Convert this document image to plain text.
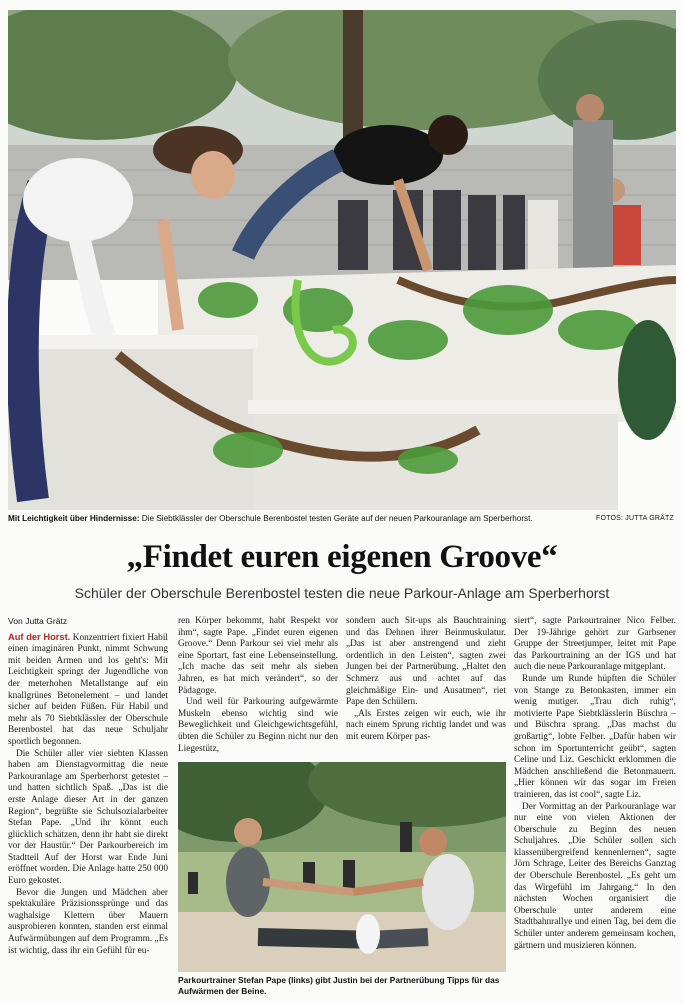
Mit Leichtigkeit über Hindernisse: Die Siebtklässler der Oberschule Berenbostel testen Geräte auf der neuen Parkouranlage am Sperberhorst.	FOTOS: JUTTA GRÄTZ
„Findet euren eigenen Groove“
Schüler der Oberschule Berenbostel testen die neue Parkour-Anlage am Sperberhorst

Von Jutta Grätz

Auf der Horst. Konzentriert fixiert Habil einen imaginären Punkt, nimmt Schwung mit beiden Armen und los geht's: Mit Leichtigkeit springt der Jugendliche von der meterhohen Metallstange auf ein knallgrünes Betonelement – und landet sicher auf beiden Füßen. Für Habil und mehr als 70 Siebtklässler der Oberschule Berenbostel hat das neue Schuljahr sportlich begonnen.

Die Schüler aller vier siebten Klassen haben am Dienstagvormittag die neue Parkouranlage am Sperberhorst getestet – und hatten sichtlich Spaß. „Das ist die erste Anlage dieser Art in der ganzen Region“, begrüßte sie Schulsozialarbeiter Stefan Pape. „Und ihr könnt euch glücklich schätzen, denn ihr habt sie direkt vor der Haustür.“ Der Parkourbereich im Stadtteil Auf der Horst war Ende Juni eröffnet worden. Die Anlage hatte 250 000 Euro gekostet.

Bevor die Jungen und Mädchen aber spektakuläre Präzisionssprünge und das waghalsige Klettern über Mauern ausprobieren konnten, standen erst einmal Aufwärmübungen auf dem Programm. „Es ist wichtig, dass ihr ein Gefühl für eu-

ren Körper bekommt, habt Respekt vor ihm“, sagte Pape. „Findet euren eigenen Groove.“ Denn Parkour sei viel mehr als eine Sportart, fast eine Lebenseinstellung. „Ich mache das seit mehr als sieben Jahren, es hat mich verändert“, so der Pädagoge.

Und weil für Parkouring aufgewärmte Muskeln ebenso wichtig sind wie Beweglichkeit und Gleichgewichtsgefühl, übten die Schüler zu Beginn nicht nur den Liegestütz,

sondern auch Sit-ups als Bauchtraining und das Dehnen ihrer Beinmuskulatur. „Das ist aber anstrengend und zieht ordentlich in den Leisten“, sagten zwei Jungen bei der Partnerübung. „Haltet den Schmerz aus und achtet auf das gleichmäßige Ein- und Ausatmen“, riet Pape den Schülern.

„Als Erstes zeigen wir euch, wie ihr nach einem Sprung richtig landet und was mit eurem Körper pas-

siert“, sagte Parkourtrainer Nico Felber. Der 19-Jährige gehört zur Garbsener Gruppe der Streetjumper, leitet mit Pape das Parkourtraining an der IGS und hat auch die neue Parkouranlage mitgeplant.

Runde um Runde hüpften die Schüler von Stange zu Betonkasten, immer ein wenig mutiger. „Trau dich ruhig“, motivierte Pape Siebtklässlerin Büschra – und Büschra sprang. „Das machst du großartig“, lobte Felber. „Dafür haben wir schon im Sportunterricht geübt“, sagten Celine und Liz. Geschickt erklommen die Mädchen anschließend die Betonmauern. „Hier können wir das sogar im Freien trainieren, das ist cool“, sagte Liz.

Der Vormittag an der Parkouranlage war nur eine von vielen Aktionen der Oberschule zu Beginn des neuen Schuljahres. „Die Schüler sollen sich klassenübergreifend kennenlernen“, sagte Jörn Schrage, Leiter des Bereichs Ganztag der Oberschule Berenbostel. „Es geht um das Wirgefühl im Jahrgang.“ In den nächsten Wochen organisiert die Oberschule unter anderem eine Stadtbahnrallye und einen Tag, bei dem die Schüler unter anderem gemeinsam kochen, gärtnern und musizieren können.

Parkourtrainer Stefan Pape (links) gibt Justin bei der Partnerübung Tipps für das Aufwärmen der Beine.
